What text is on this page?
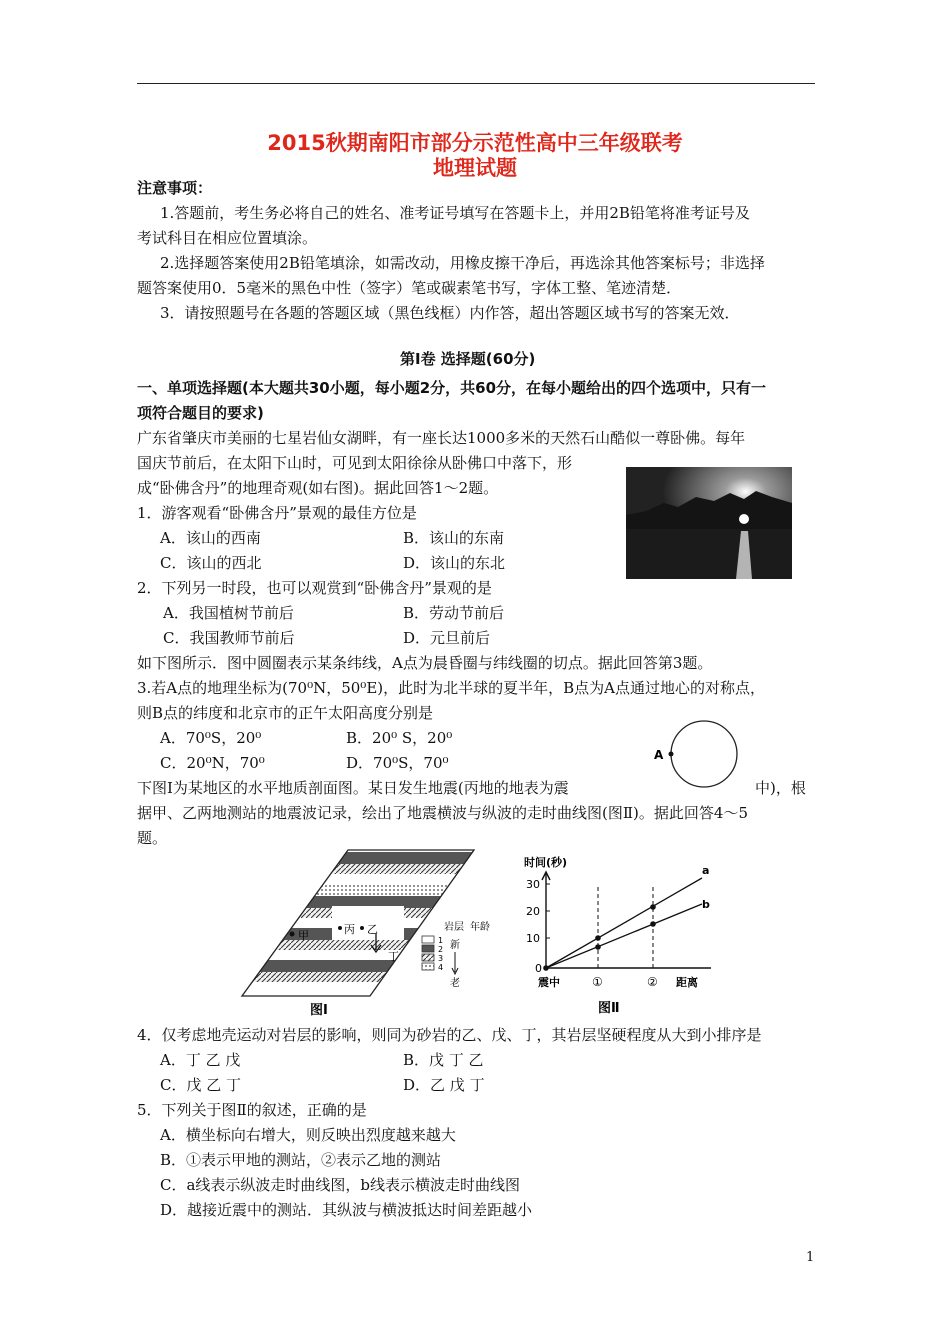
2015秋期南阳市部分示范性高中三年级联考
地理试题
注意事项：
1.答题前，考生务必将自己的姓名、准考证号填写在答题卡上，并用2B铅笔将准考证号及
考试科目在相应位置填涂。
2.选择题答案使用2B铅笔填涂，如需改动，用橡皮擦干净后，再选涂其他答案标号；非选择
题答案使用0．5毫米的黑色中性（签字）笔或碳素笔书写，字体工整、笔迹清楚．
3．请按照题号在各题的答题区域（黑色线框）内作答，超出答题区域书写的答案无效．
第Ⅰ卷 选择题(60分)
一、单项选择题(本大题共30小题，每小题2分，共60分，在每小题给出的四个选项中，只有一
项符合题目的要求)
广东省肇庆市美丽的七星岩仙女湖畔，有一座长达1000多米的天然石山酷似一尊卧佛。每年
国庆节前后，在太阳下山时，可见到太阳徐徐从卧佛口中落下，形
成“卧佛含丹”的地理奇观(如右图)。据此回答1～2题。
1．游客观看“卧佛含丹”景观的最佳方位是
A．该山的西南	B．该山的东南
C．该山的西北	D．该山的东北
2．下列另一时段，也可以观赏到“卧佛含丹”景观的是
A．我国植树节前后	B．劳动节前后
C．我国教师节前后	D．元旦前后
如下图所示．图中圆圈表示某条纬线，A点为晨昏圈与纬线圈的切点。据此回答第3题。
3.若A点的地理坐标为(70⁰N，50⁰E)，此时为北半球的夏半年，B点为A点通过地心的对称点，
则B点的纬度和北京市的正午太阳高度分别是
A．70⁰S，20⁰	B．20⁰ S，20⁰
C．20⁰N，70⁰	D．70⁰S，70⁰	A
下图Ⅰ为某地区的水平地质剖面图。某日发生地震(丙地的地表为震	中)，根
据甲、乙两地测站的地震波记录，绘出了地震横波与纵波的走时曲线图(图Ⅱ)。据此回答4～5
题。
甲	丙 乙
丁
岩层 年龄
1
2
3
4
新
老
图Ⅰ
时间(秒)
30
20
10
0
a
b
震中	①	② 距离
图Ⅱ
4．仅考虑地壳运动对岩层的影响，则同为砂岩的乙、戊、丁，其岩层坚硬程度从大到小排序是
A．丁 乙 戊	B．戊 丁 乙
C．戊 乙 丁	D．乙 戊 丁
5．下列关于图Ⅱ的叙述，正确的是
A．横坐标向右增大，则反映出烈度越来越大
B．①表示甲地的测站，②表示乙地的测站
C．a线表示纵波走时曲线图，b线表示横波走时曲线图
D．越接近震中的测站．其纵波与横波抵达时间差距越小
1
